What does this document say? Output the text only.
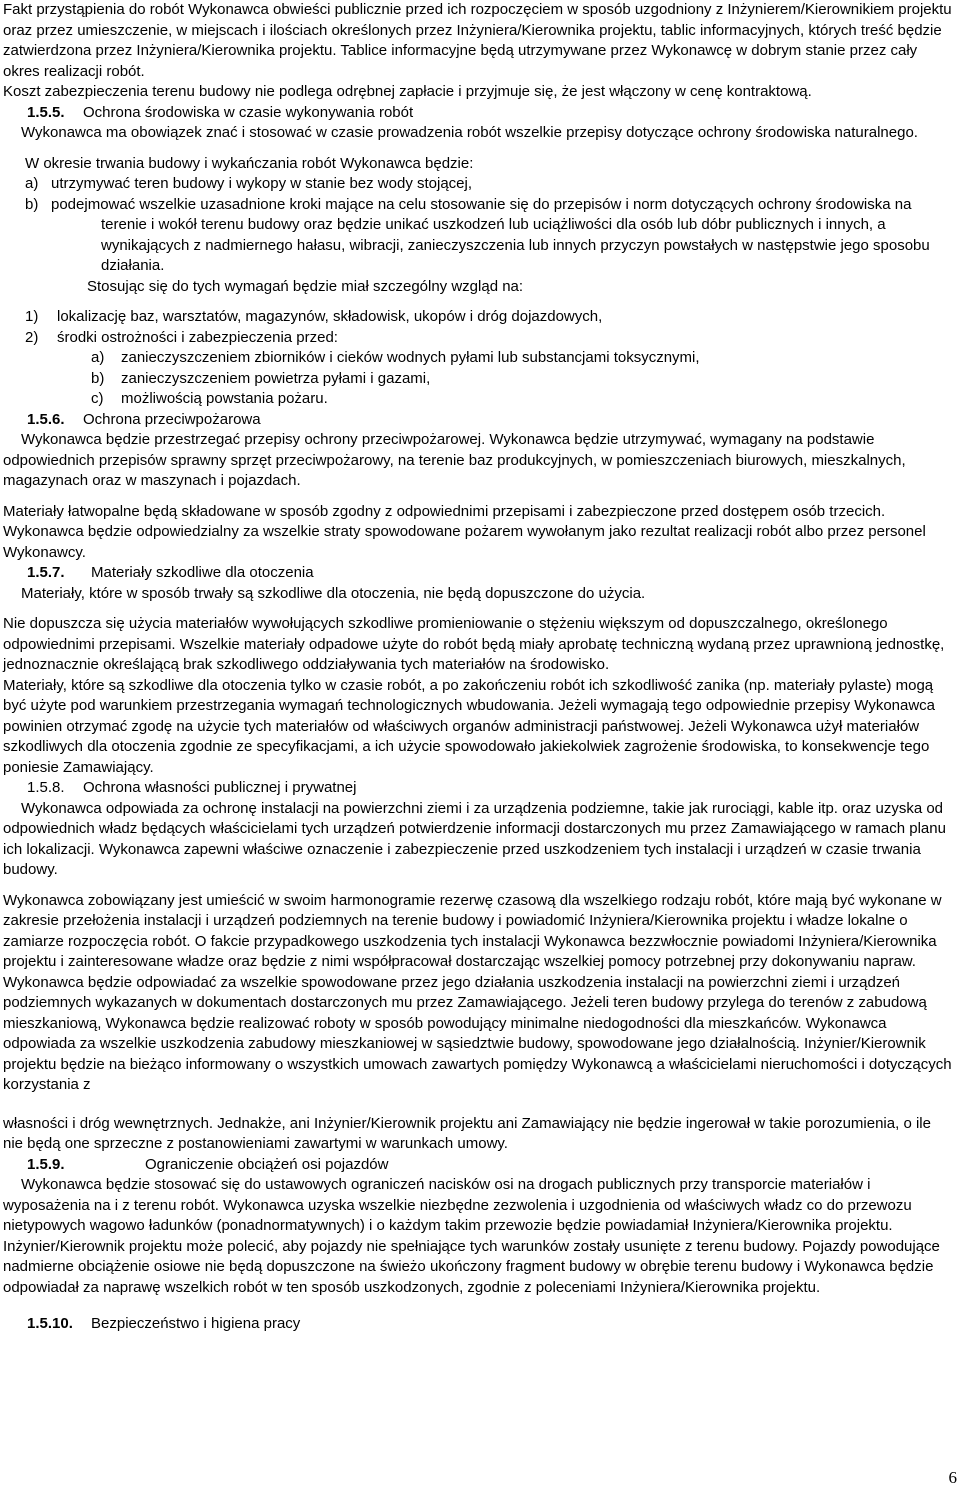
Fakt przystąpienia do robót Wykonawca obwieści publicznie przed ich rozpoczęciem w sposób uzgodniony z Inżynierem/Kierownikiem projektu oraz przez umieszczenie, w miejscach i ilościach określonych przez Inżyniera/Kierownika projektu, tablic informacyjnych, których treść będzie zatwierdzona przez Inżyniera/Kierownika projektu. Tablice informacyjne będą utrzymywane przez Wykonawcę w dobrym stanie przez cały okres realizacji robót.

Koszt zabezpieczenia terenu budowy nie podlega odrębnej zapłacie i przyjmuje się, że jest włączony w cenę kontraktową.

1.5.5. Ochrona środowiska w czasie wykonywania robót

Wykonawca ma obowiązek znać i stosować w czasie prowadzenia robót wszelkie przepisy dotyczące ochrony środowiska naturalnego.

W okresie trwania budowy i wykańczania robót Wykonawca będzie:

a) utrzymywać teren budowy i wykopy w stanie bez wody stojącej,
b) podejmować wszelkie uzasadnione kroki mające na celu stosowanie się do przepisów i norm dotyczących ochrony środowiska na terenie i wokół terenu budowy oraz będzie unikać uszkodzeń lub uciążliwości dla osób lub dóbr publicznych i innych, a wynikających z nadmiernego hałasu, wibracji, zanieczyszczenia lub innych przyczyn powstałych w następstwie jego sposobu działania.

Stosując się do tych wymagań będzie miał szczególny wzgląd na:

1)	lokalizację baz, warsztatów, magazynów, składowisk, ukopów i dróg dojazdowych,
2)	środki ostrożności i zabezpieczenia przed:
a)	zanieczyszczeniem zbiorników i cieków wodnych pyłami lub substancjami toksycznymi,
b)	zanieczyszczeniem powietrza pyłami i gazami,
c)	możliwością powstania pożaru.

1.5.6. Ochrona przeciwpożarowa

Wykonawca będzie przestrzegać przepisy ochrony przeciwpożarowej. Wykonawca będzie utrzymywać, wymagany na podstawie odpowiednich przepisów sprawny sprzęt przeciwpożarowy, na terenie baz produkcyjnych, w pomieszczeniach biurowych, mieszkalnych, magazynach oraz w maszynach i pojazdach.

Materiały łatwopalne będą składowane w sposób zgodny z odpowiednimi przepisami i zabezpieczone przed dostępem osób trzecich. Wykonawca będzie odpowiedzialny za wszelkie straty spowodowane pożarem wywołanym jako rezultat realizacji robót albo przez personel Wykonawcy.

1.5.7. Materiały szkodliwe dla otoczenia

Materiały, które w sposób trwały są szkodliwe dla otoczenia, nie będą dopuszczone do użycia.

Nie dopuszcza się użycia materiałów wywołujących szkodliwe promieniowanie o stężeniu większym od dopuszczalnego, określonego odpowiednimi przepisami. Wszelkie materiały odpadowe użyte do robót będą miały aprobatę techniczną wydaną przez uprawnioną jednostkę, jednoznacznie określającą brak szkodliwego oddziaływania tych materiałów na środowisko.

Materiały, które są szkodliwe dla otoczenia tylko w czasie robót, a po zakończeniu robót ich szkodliwość zanika (np. materiały pylaste) mogą być użyte pod warunkiem przestrzegania wymagań technologicznych wbudowania. Jeżeli wymagają tego odpowiednie przepisy Wykonawca powinien otrzymać zgodę na użycie tych materiałów od właściwych organów administracji państwowej. Jeżeli Wykonawca użył materiałów szkodliwych dla otoczenia zgodnie ze specyfikacjami, a ich użycie spowodowało jakiekolwiek zagrożenie środowiska, to konsekwencje tego poniesie Zamawiający.

1.5.8. Ochrona własności publicznej i prywatnej

Wykonawca odpowiada za ochronę instalacji na powierzchni ziemi i za urządzenia podziemne, takie jak rurociągi, kable itp. oraz uzyska od odpowiednich władz będących właścicielami tych urządzeń potwierdzenie informacji dostarczonych mu przez Zamawiającego w ramach planu ich lokalizacji. Wykonawca zapewni właściwe oznaczenie i zabezpieczenie przed uszkodzeniem tych instalacji i urządzeń w czasie trwania budowy.

Wykonawca zobowiązany jest umieścić w swoim harmonogramie rezerwę czasową dla wszelkiego rodzaju robót, które mają być wykonane w zakresie przełożenia instalacji i urządzeń podziemnych na terenie budowy i powiadomić Inżyniera/Kierownika projektu i władze lokalne o zamiarze rozpoczęcia robót. O fakcie przypadkowego uszkodzenia tych instalacji Wykonawca bezzwłocznie powiadomi Inżyniera/Kierownika projektu i zainteresowane władze oraz będzie z nimi współpracował dostarczając wszelkiej pomocy potrzebnej przy dokonywaniu napraw. Wykonawca będzie odpowiadać za wszelkie spowodowane przez jego działania uszkodzenia instalacji na powierzchni ziemi i urządzeń podziemnych wykazanych w dokumentach dostarczonych mu przez Zamawiającego. Jeżeli teren budowy przylega do terenów z zabudową mieszkaniową, Wykonawca będzie realizować roboty w sposób powodujący minimalne niedogodności dla mieszkańców. Wykonawca odpowiada za wszelkie uszkodzenia zabudowy mieszkaniowej w sąsiedztwie budowy, spowodowane jego działalnością. Inżynier/Kierownik projektu będzie na bieżąco informowany o wszystkich umowach zawartych pomiędzy Wykonawcą a właścicielami nieruchomości i dotyczących korzystania z

własności i dróg wewnętrznych. Jednakże, ani Inżynier/Kierownik projektu ani Zamawiający nie będzie ingerował w takie porozumienia, o ile nie będą one sprzeczne z postanowieniami zawartymi w warunkach umowy.

1.5.9.	Ograniczenie obciążeń osi pojazdów

Wykonawca będzie stosować się do ustawowych ograniczeń nacisków osi na drogach publicznych przy transporcie materiałów i wyposażenia na i z terenu robót. Wykonawca uzyska wszelkie niezbędne zezwolenia i uzgodnienia od właściwych władz co do przewozu nietypowych wagowo ładunków (ponadnormatywnych) i o każdym takim przewozie będzie powiadamiał Inżyniera/Kierownika projektu. Inżynier/Kierownik projektu może polecić, aby pojazdy nie spełniające tych warunków zostały usunięte z terenu budowy. Pojazdy powodujące nadmierne obciążenie osiowe nie będą dopuszczone na świeżo ukończony fragment budowy w obrębie terenu budowy i Wykonawca będzie odpowiadał za naprawę wszelkich robót w ten sposób uszkodzonych, zgodnie z poleceniami Inżyniera/Kierownika projektu.

1.5.10. Bezpieczeństwo i higiena pracy

6
